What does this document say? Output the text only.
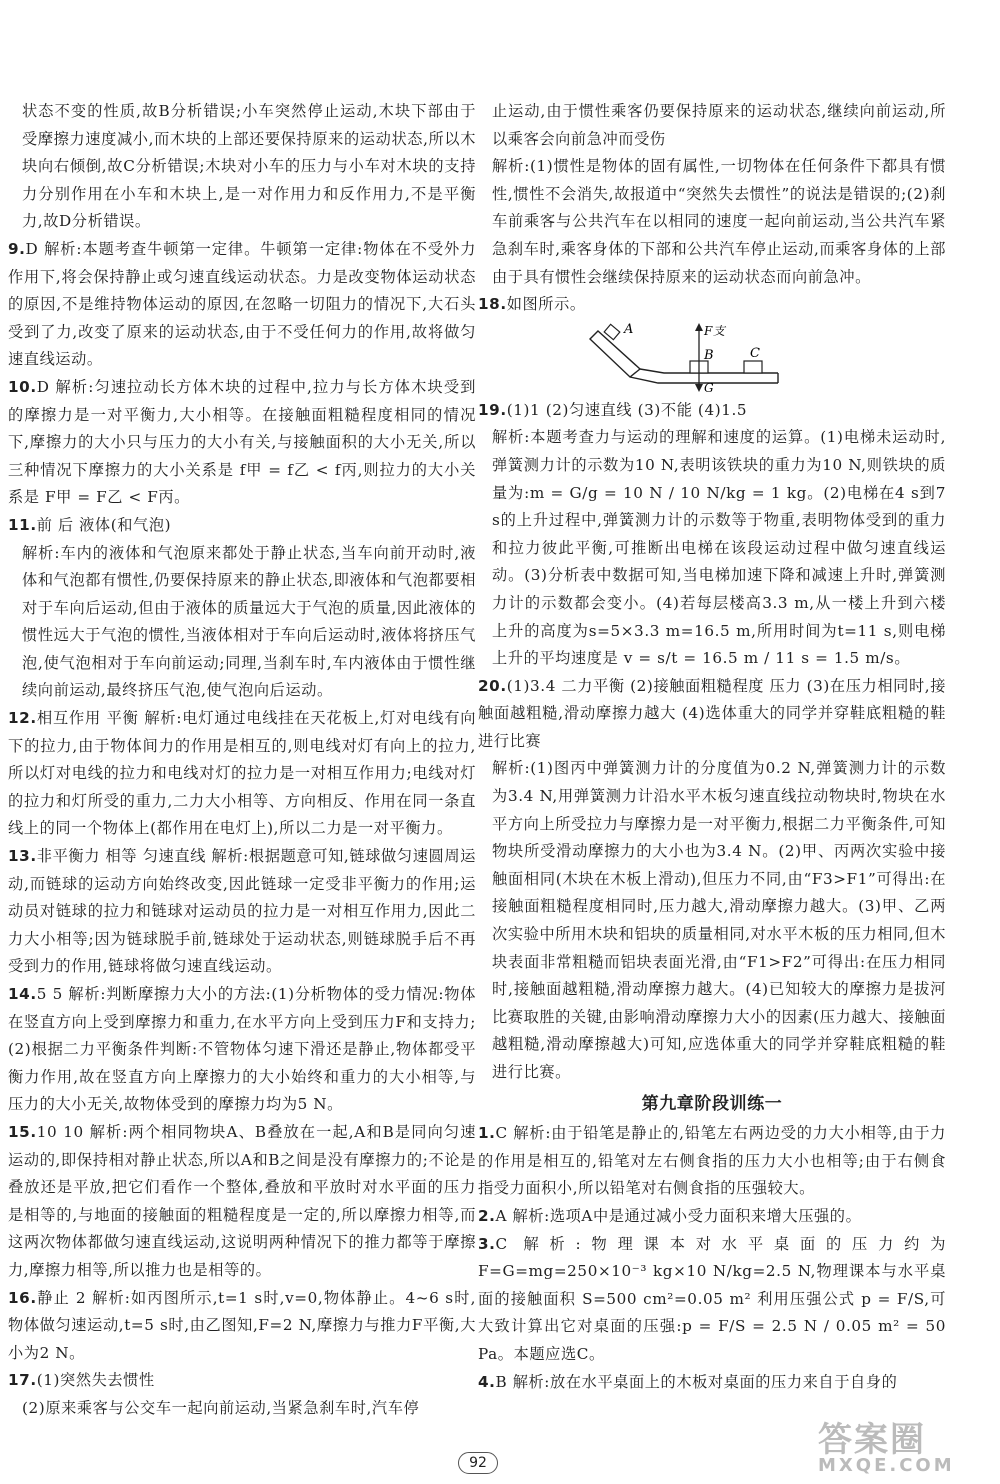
状态不变的性质,故B分析错误;小车突然停止运动,木块下部由于受摩擦力速度减小,而木块的上部还要保持原来的运动状态,所以木块向右倾倒,故C分析错误;木块对小车的压力与小车对木块的支持力分别作用在小车和木块上,是一对作用力和反作用力,不是平衡力,故D分析错误。

9.D 解析:本题考查牛顿第一定律。牛顿第一定律:物体在不受外力作用下,将会保持静止或匀速直线运动状态。力是改变物体运动状态的原因,不是维持物体运动的原因,在忽略一切阻力的情况下,大石头受到了力,改变了原来的运动状态,由于不受任何力的作用,故将做匀速直线运动。

10.D 解析:匀速拉动长方体木块的过程中,拉力与长方体木块受到的摩擦力是一对平衡力,大小相等。在接触面粗糙程度相同的情况下,摩擦力的大小只与压力的大小有关,与接触面积的大小无关,所以三种情况下摩擦力的大小关系是 f甲 = f乙 < f丙,则拉力的大小关系是 F甲 = F乙 < F丙。

11.前 后 液体(和气泡)

解析:车内的液体和气泡原来都处于静止状态,当车向前开动时,液体和气泡都有惯性,仍要保持原来的静止状态,即液体和气泡都要相对于车向后运动,但由于液体的质量远大于气泡的质量,因此液体的惯性远大于气泡的惯性,当液体相对于车向后运动时,液体将挤压气泡,使气泡相对于车向前运动;同理,当刹车时,车内液体由于惯性继续向前运动,最终挤压气泡,使气泡向后运动。

12.相互作用 平衡 解析:电灯通过电线挂在天花板上,灯对电线有向下的拉力,由于物体间力的作用是相互的,则电线对灯有向上的拉力,所以灯对电线的拉力和电线对灯的拉力是一对相互作用力;电线对灯的拉力和灯所受的重力,二力大小相等、方向相反、作用在同一条直线上的同一个物体上(都作用在电灯上),所以二力是一对平衡力。

13.非平衡力 相等 匀速直线 解析:根据题意可知,链球做匀速圆周运动,而链球的运动方向始终改变,因此链球一定受非平衡力的作用;运动员对链球的拉力和链球对运动员的拉力是一对相互作用力,因此二力大小相等;因为链球脱手前,链球处于运动状态,则链球脱手后不再受到力的作用,链球将做匀速直线运动。

14.5 5 解析:判断摩擦力大小的方法:(1)分析物体的受力情况:物体在竖直方向上受到摩擦力和重力,在水平方向上受到压力F和支持力;(2)根据二力平衡条件判断:不管物体匀速下滑还是静止,物体都受平衡力作用,故在竖直方向上摩擦力的大小始终和重力的大小相等,与压力的大小无关,故物体受到的摩擦力均为5 N。

15.10 10 解析:两个相同物块A、B叠放在一起,A和B是同向匀速运动的,即保持相对静止状态,所以A和B之间是没有摩擦力的;不论是叠放还是平放,把它们看作一个整体,叠放和平放时对水平面的压力是相等的,与地面的接触面的粗糙程度是一定的,所以摩擦力相等,而这两次物体都做匀速直线运动,这说明两种情况下的推力都等于摩擦力,摩擦力相等,所以推力也是相等的。

16.静止 2 解析:如丙图所示,t=1 s时,v=0,物体静止。4~6 s时,物体做匀速运动,t=5 s时,由乙图知,F=2 N,摩擦力与推力F平衡,大小为2 N。

17.(1)突然失去惯性

(2)原来乘客与公交车一起向前运动,当紧急刹车时,汽车停

止运动,由于惯性乘客仍要保持原来的运动状态,继续向前运动,所以乘客会向前急冲而受伤

解析:(1)惯性是物体的固有属性,一切物体在任何条件下都具有惯性,惯性不会消失,故报道中“突然失去惯性”的说法是错误的;(2)刹车前乘客与公共汽车在以相同的速度一起向前运动,当公共汽车紧急刹车时,乘客身体的下部和公共汽车停止运动,而乘客身体的上部由于具有惯性会继续保持原来的运动状态而向前急冲。

18.如图所示。

A
B	C
F支
G

19.(1)1 (2)匀速直线 (3)不能 (4)1.5

解析:本题考查力与运动的理解和速度的运算。(1)电梯未运动时,弹簧测力计的示数为10 N,表明该铁块的重力为10 N,则铁块的质量为:m = G/g = 10 N / 10 N/kg = 1 kg。(2)电梯在4 s到7 s的上升过程中,弹簧测力计的示数等于物重,表明物体受到的重力和拉力彼此平衡,可推断出电梯在该段运动过程中做匀速直线运动。(3)分析表中数据可知,当电梯加速下降和减速上升时,弹簧测力计的示数都会变小。(4)若每层楼高3.3 m,从一楼上升到六楼上升的高度为s=5×3.3 m=16.5 m,所用时间为t=11 s,则电梯上升的平均速度是 v = s/t = 16.5 m / 11 s = 1.5 m/s。

20.(1)3.4 二力平衡 (2)接触面粗糙程度 压力 (3)在压力相同时,接触面越粗糙,滑动摩擦力越大 (4)选体重大的同学并穿鞋底粗糙的鞋进行比赛

解析:(1)图丙中弹簧测力计的分度值为0.2 N,弹簧测力计的示数为3.4 N,用弹簧测力计沿水平木板匀速直线拉动物块时,物块在水平方向上所受拉力与摩擦力是一对平衡力,根据二力平衡条件,可知物块所受滑动摩擦力的大小也为3.4 N。(2)甲、丙两次实验中接触面相同(木块在木板上滑动),但压力不同,由“F3>F1”可得出:在接触面粗糙程度相同时,压力越大,滑动摩擦力越大。(3)甲、乙两次实验中所用木块和铝块的质量相同,对水平木板的压力相同,但木块表面非常粗糙而铝块表面光滑,由“F1>F2”可得出:在压力相同时,接触面越粗糙,滑动摩擦力越大。(4)已知较大的摩擦力是拔河比赛取胜的关键,由影响滑动摩擦力大小的因素(压力越大、接触面越粗糙,滑动摩擦越大)可知,应选体重大的同学并穿鞋底粗糙的鞋进行比赛。

第九章阶段训练一

1.C 解析:由于铅笔是静止的,铅笔左右两边受的力大小相等,由于力的作用是相互的,铅笔对左右侧食指的压力大小也相等;由于右侧食指受力面积小,所以铅笔对右侧食指的压强较大。

2.A 解析:选项A中是通过减小受力面积来增大压强的。

3.C 解析:物理课本对水平桌面的压力约为 F=G=mg=250×10⁻³ kg×10 N/kg=2.5 N,物理课本与水平桌面的接触面积 S=500 cm²=0.05 m² 利用压强公式 p = F/S,可大致计算出它对桌面的压强:p = F/S = 2.5 N / 0.05 m² = 50 Pa。本题应选C。

4.B 解析:放在水平桌面上的木板对桌面的压力来自于自身的

92
答案圈
MXQE.COM
